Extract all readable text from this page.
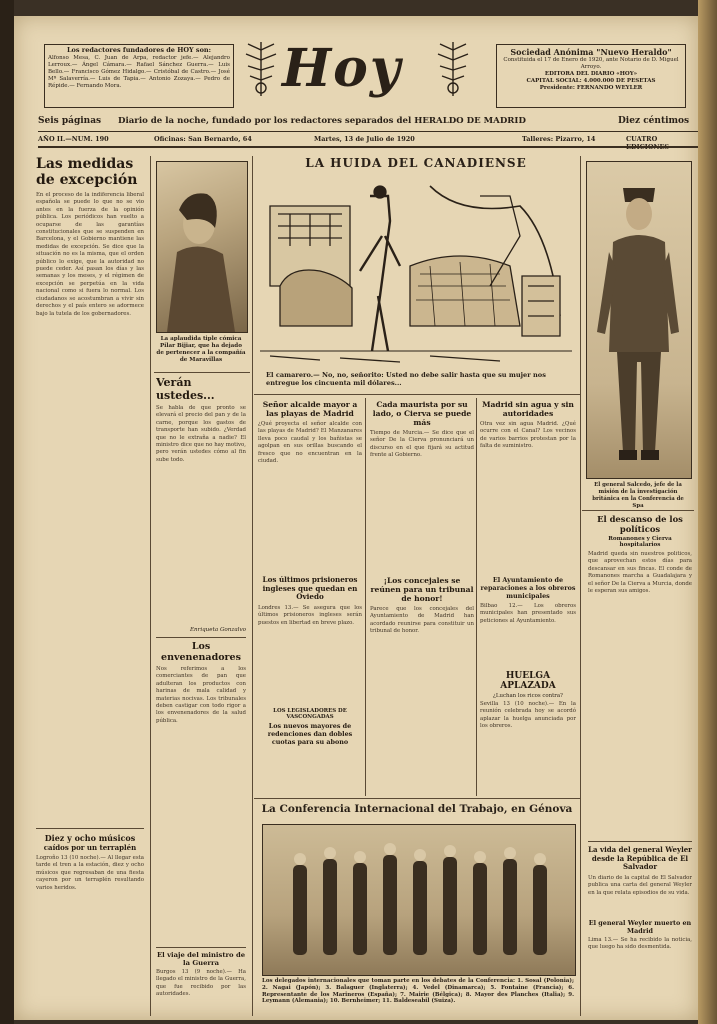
Los redactores fundadores de HOY son:
Alfonso Mesa, C. Juan de Arpa, redactor jefe.— Alejandro Lerroux.— Ángel Cámara.— Rafael Sánchez Guerra.— Luis Bello.— Francisco Gómez Hidalgo.— Cristóbal de Castro.— José Mª Salaverría.— Luis de Tapia.— Antonio Zozaya.— Pedro de Répide.— Fernando Mora.	Hoy	Sociedad Anónima "Nuevo Heraldo"
Constituida el 17 de Enero de 1920, ante Notario de D. Miguel Arroyo.
EDITORA DEL DIARIO «HOY»
CAPITAL SOCIAL: 4.000.000 DE PESETAS
Presidente: FERNANDO WEYLER
Seis páginas Diario de la noche, fundado por los redactores separados del HERALDO DE MADRID	Diez céntimos
AÑO II.—NUM. 190	Oficinas: San Bernardo, 64	Martes, 13 de Julio de 1920	Talleres: Pizarro, 14	CUATRO EDICIONES
Las medidas de excepción
En el proceso de la indiferencia liberal española se puede lo que no se vio antes en la fuerza de la opinión pública. Los periódicos han vuelto a ocuparse de las garantías constitucionales que se suspenden en Barcelona, y el Gobierno mantiene las medidas de excepción. Se dice que la situación no es la misma, que el orden público lo exige, que la autoridad no puede ceder. Así pasan los días y las semanas y los meses, y el régimen de excepción se perpetúa en la vida nacional como si fuera lo normal. Los ciudadanos se acostumbran a vivir sin derechos y el país entero se adormece bajo la tutela de los gobernadores.
Diez y ocho músicos
caídos por un terraplén
Logroño 13 (10 noche).— Al llegar esta tarde el tren a la estación, diez y ocho músicos que regresaban de una fiesta cayeron por un terraplén resultando varios heridos.
La aplaudida tiple cómica Pilar Bijiar, que ha dejado de pertenecer a la compañía de Maravillas
Verán ustedes...
Se habla de que pronto se elevará el precio del pan y de la carne, porque los gastos de transporte han subido. ¿Verdad que no le extraña a nadie? El ministro dice que no hay motivo, pero verán ustedes cómo al fin sube todo.
Enriqueta Gonzalvo
Los envenenadores
Nos referimos a los comerciantes de pan que adulteran los productos con harinas de mala calidad y materias nocivas. Los tribunales deben castigar con todo rigor a los envenenadores de la salud pública.
El viaje del ministro de la Guerra
Burgos 13 (9 noche).— Ha llegado el ministro de la Guerra, que fue recibido por las autoridades.
LA HUIDA DEL CANADIENSE
El camarero.— No, no, señorito: Usted no debe salir hasta que su mujer nos entregue los cincuenta mil dólares...
Señor alcalde mayor a las playas de Madrid
¿Qué proyecta el señor alcalde con las playas de Madrid? El Manzanares lleva poco caudal y los bañistas se agolpan en sus orillas buscando el fresco que no encuentran en la ciudad.
Cada maurista por su lado, o Cierva se puede más
Tiempo de Murcia.— Se dice que el señor De la Cierva pronunciará un discurso en el que fijará su actitud frente al Gobierno.
Madrid sin agua y sin autoridades
Otra vez sin agua Madrid. ¿Qué ocurre con el Canal? Los vecinos de varios barrios protestan por la falta de suministro.
Los últimos prisioneros ingleses que quedan en Oviedo
Londres 13.— Se asegura que los últimos prisioneros ingleses serán puestos en libertad en breve plazo.
LOS LEGISLADORES DE VASCONGADAS
Los nuevos mayores de redenciones dan dobles cuotas para su abono
¡Los concejales se reúnen para un tribunal de honor!
Parece que los concejales del Ayuntamiento de Madrid han acordado reunirse para constituir un tribunal de honor.
El Ayuntamiento de reparaciones a los obreros municipales
Bilbao 12.— Los obreros municipales han presentado sus peticiones al Ayuntamiento.
HUELGA APLAZADA
¿Luchan los ricos contra?
Sevilla 13 (10 noche).— En la reunión celebrada hoy se acordó aplazar la huelga anunciada por los obreros.
La Conferencia Internacional del Trabajo, en Génova
Los delegados internacionales que toman parte en los debates de la Conferencia: 1. Sosal (Polonia); 2. Nagai (Japón); 3. Balaguer (Inglaterra); 4. Vedel (Dinamarca); 5. Fontaine (Francia); 6. Representante de los Marineros (España); 7. Mairie (Bélgica); 8. Mayor des Planches (Italia); 9. Leymann (Alemania); 10. Bernheimer; 11. Baldeseabil (Suiza).
El general Salcedo, jefe de la misión de la investigación británica en la Conferencia de Spa
El descanso de los políticos
Romanones y Cierva hospitalarios
Madrid queda sin nuestros políticos, que aprovechan estos días para descansar en sus fincas. El conde de Romanones marcha a Guadalajara y el señor De la Cierva a Murcia, donde le esperan sus amigos.
La vida del general Weyler desde la República de El Salvador
Un diario de la capital de El Salvador publica una carta del general Weyler en la que relata episodios de su vida.
El general Weyler muerto en Madrid
Lima 13.— Se ha recibido la noticia, que luego ha sido desmentida.
